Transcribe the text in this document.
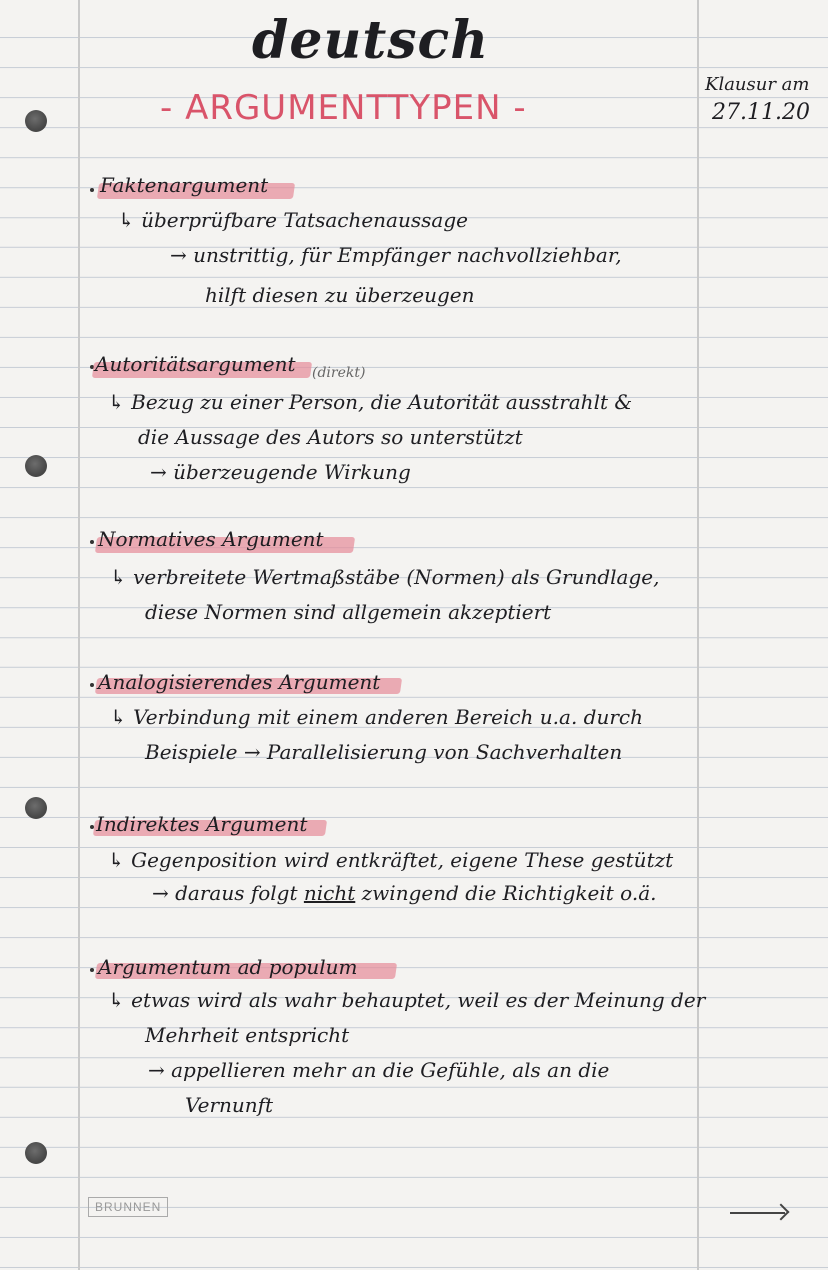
deutsch
- ARGUMENTTYPEN -
Klausur am
27.11.20
Faktenargument
↳ überprüfbare Tatsachenaussage
→ unstrittig, für Empfänger nachvollziehbar,
hilft diesen zu überzeugen
Autoritätsargument (direkt)
↳ Bezug zu einer Person, die Autorität ausstrahlt &
die Aussage des Autors so unterstützt
→ überzeugende Wirkung
Normatives Argument
↳ verbreitete Wertmaßstäbe (Normen) als Grundlage,
diese Normen sind allgemein akzeptiert
Analogisierendes Argument
↳ Verbindung mit einem anderen Bereich u.a. durch
Beispiele → Parallelisierung von Sachverhalten
Indirektes Argument
↳ Gegenposition wird entkräftet, eigene These gestützt
→ daraus folgt nicht zwingend die Richtigkeit o.ä.
Argumentum ad populum
↳ etwas wird als wahr behauptet, weil es der Meinung der
Mehrheit entspricht
→ appellieren mehr an die Gefühle, als an die
Vernunft
BRUNNEN
